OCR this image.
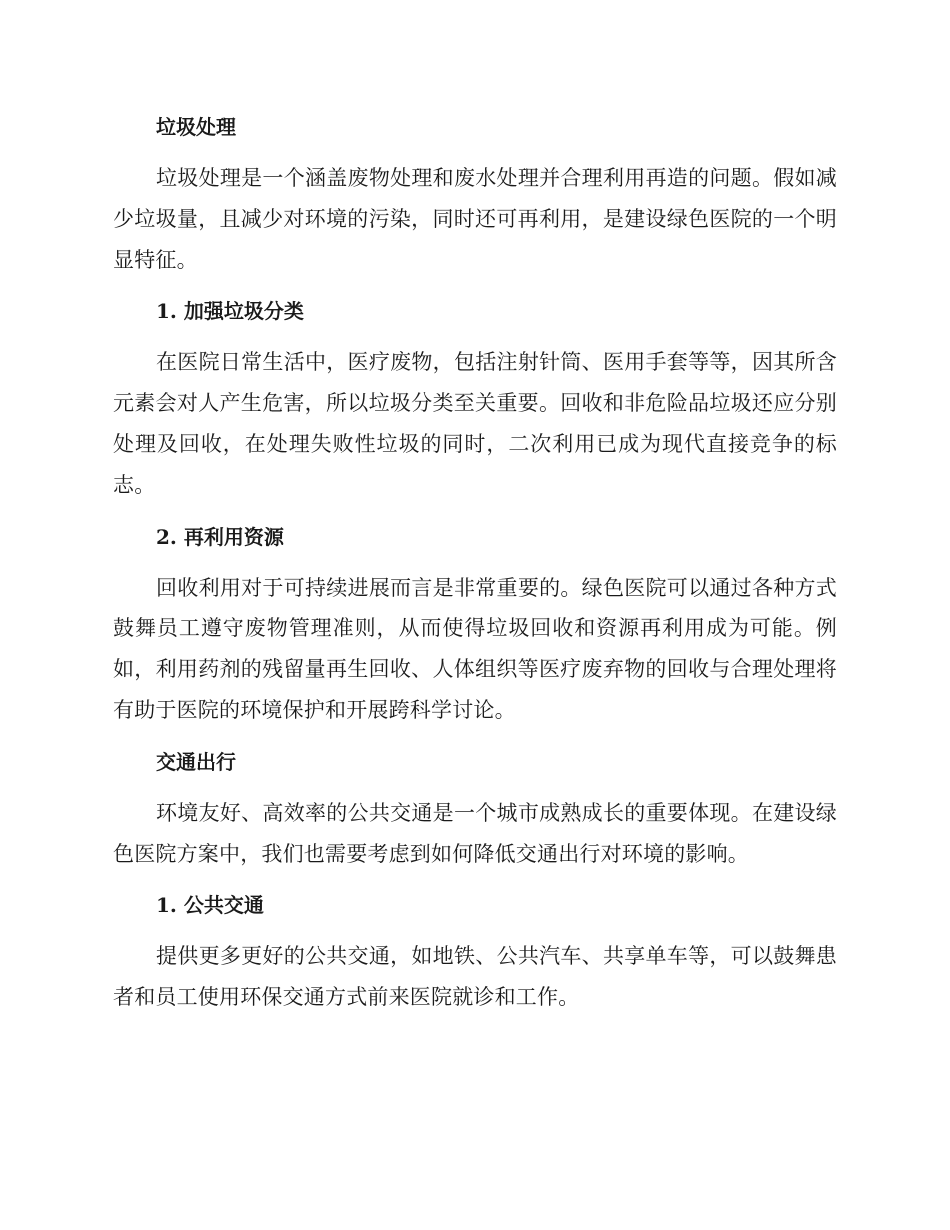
垃圾处理

垃圾处理是一个涵盖废物处理和废水处理并合理利用再造的问题。假如减少垃圾量，且减少对环境的污染，同时还可再利用，是建设绿色医院的一个明显特征。

1. 加强垃圾分类

在医院日常生活中，医疗废物，包括注射针筒、医用手套等等，因其所含元素会对人产生危害，所以垃圾分类至关重要。回收和非危险品垃圾还应分别处理及回收，在处理失败性垃圾的同时，二次利用已成为现代直接竞争的标志。

2. 再利用资源

回收利用对于可持续进展而言是非常重要的。绿色医院可以通过各种方式鼓舞员工遵守废物管理准则，从而使得垃圾回收和资源再利用成为可能。例如，利用药剂的残留量再生回收、人体组织等医疗废弃物的回收与合理处理将有助于医院的环境保护和开展跨科学讨论。

交通出行

环境友好、高效率的公共交通是一个城市成熟成长的重要体现。在建设绿色医院方案中，我们也需要考虑到如何降低交通出行对环境的影响。

1. 公共交通

提供更多更好的公共交通，如地铁、公共汽车、共享单车等，可以鼓舞患者和员工使用环保交通方式前来医院就诊和工作。
